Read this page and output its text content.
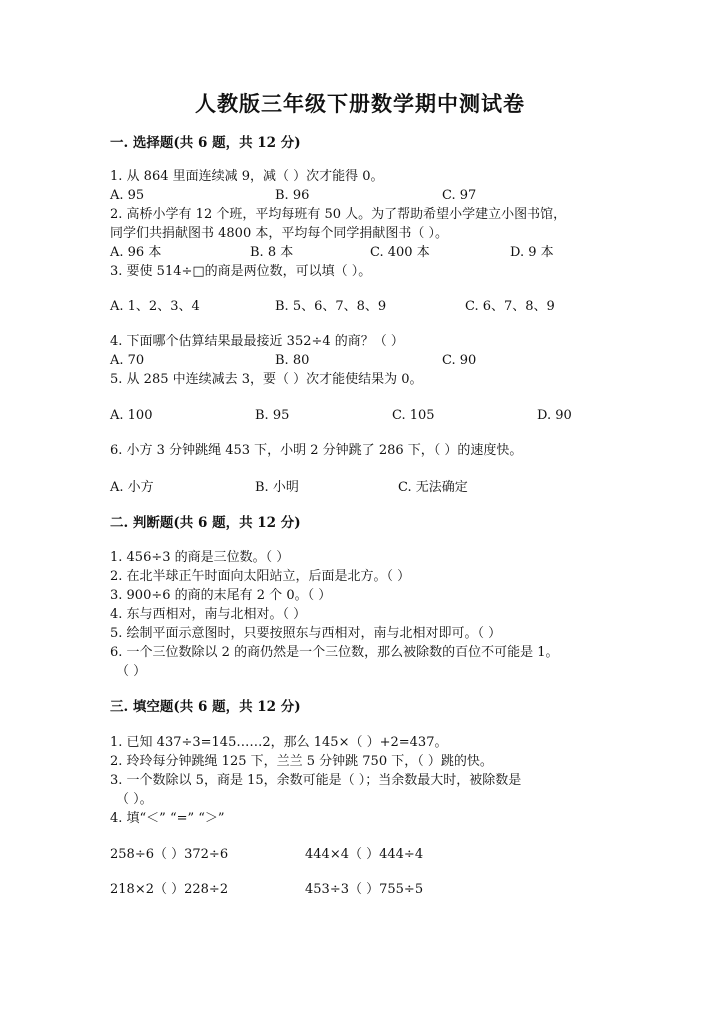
人教版三年级下册数学期中测试卷
一. 选择题(共 6 题，共 12 分)
1. 从 864 里面连续减 9，减（ ）次才能得 0。
A. 95	B. 96	C. 97
2. 高桥小学有 12 个班，平均每班有 50 人。为了帮助希望小学建立小图书馆，
同学们共捐献图书 4800 本，平均每个同学捐献图书（ ）。
A. 96 本	B. 8 本	C. 400 本	D. 9 本
3. 要使 514÷□的商是两位数，可以填（ ）。
A. 1、2、3、4	B. 5、6、7、8、9	C. 6、7、8、9
4. 下面哪个估算结果最最接近 352÷4 的商？（ ）
A. 70	B. 80	C. 90
5. 从 285 中连续减去 3，要（ ）次才能使结果为 0。
A. 100	B. 95	C. 105	D. 90
6. 小方 3 分钟跳绳 453 下，小明 2 分钟跳了 286 下，（ ）的速度快。
A. 小方	B. 小明	C. 无法确定
二. 判断题(共 6 题，共 12 分)
1. 456÷3 的商是三位数。（ ）
2. 在北半球正午时面向太阳站立，后面是北方。（ ）
3. 900÷6 的商的末尾有 2 个 0。（ ）
4. 东与西相对，南与北相对。（ ）
5. 绘制平面示意图时，只要按照东与西相对，南与北相对即可。（ ）
6. 一个三位数除以 2 的商仍然是一个三位数，那么被除数的百位不可能是 1。
（ ）
三. 填空题(共 6 题，共 12 分)
1. 已知 437÷3=145……2，那么 145×（ ）+2=437。
2. 玲玲每分钟跳绳 125 下，兰兰 5 分钟跳 750 下，（ ）跳的快。
3. 一个数除以 5，商是 15，余数可能是（ ）；当余数最大时，被除数是
（ ）。
4. 填“＜” “=” “＞”
258÷6（ ）372÷6	444×4（ ）444÷4
218×2（ ）228÷2	453÷3（ ）755÷5
